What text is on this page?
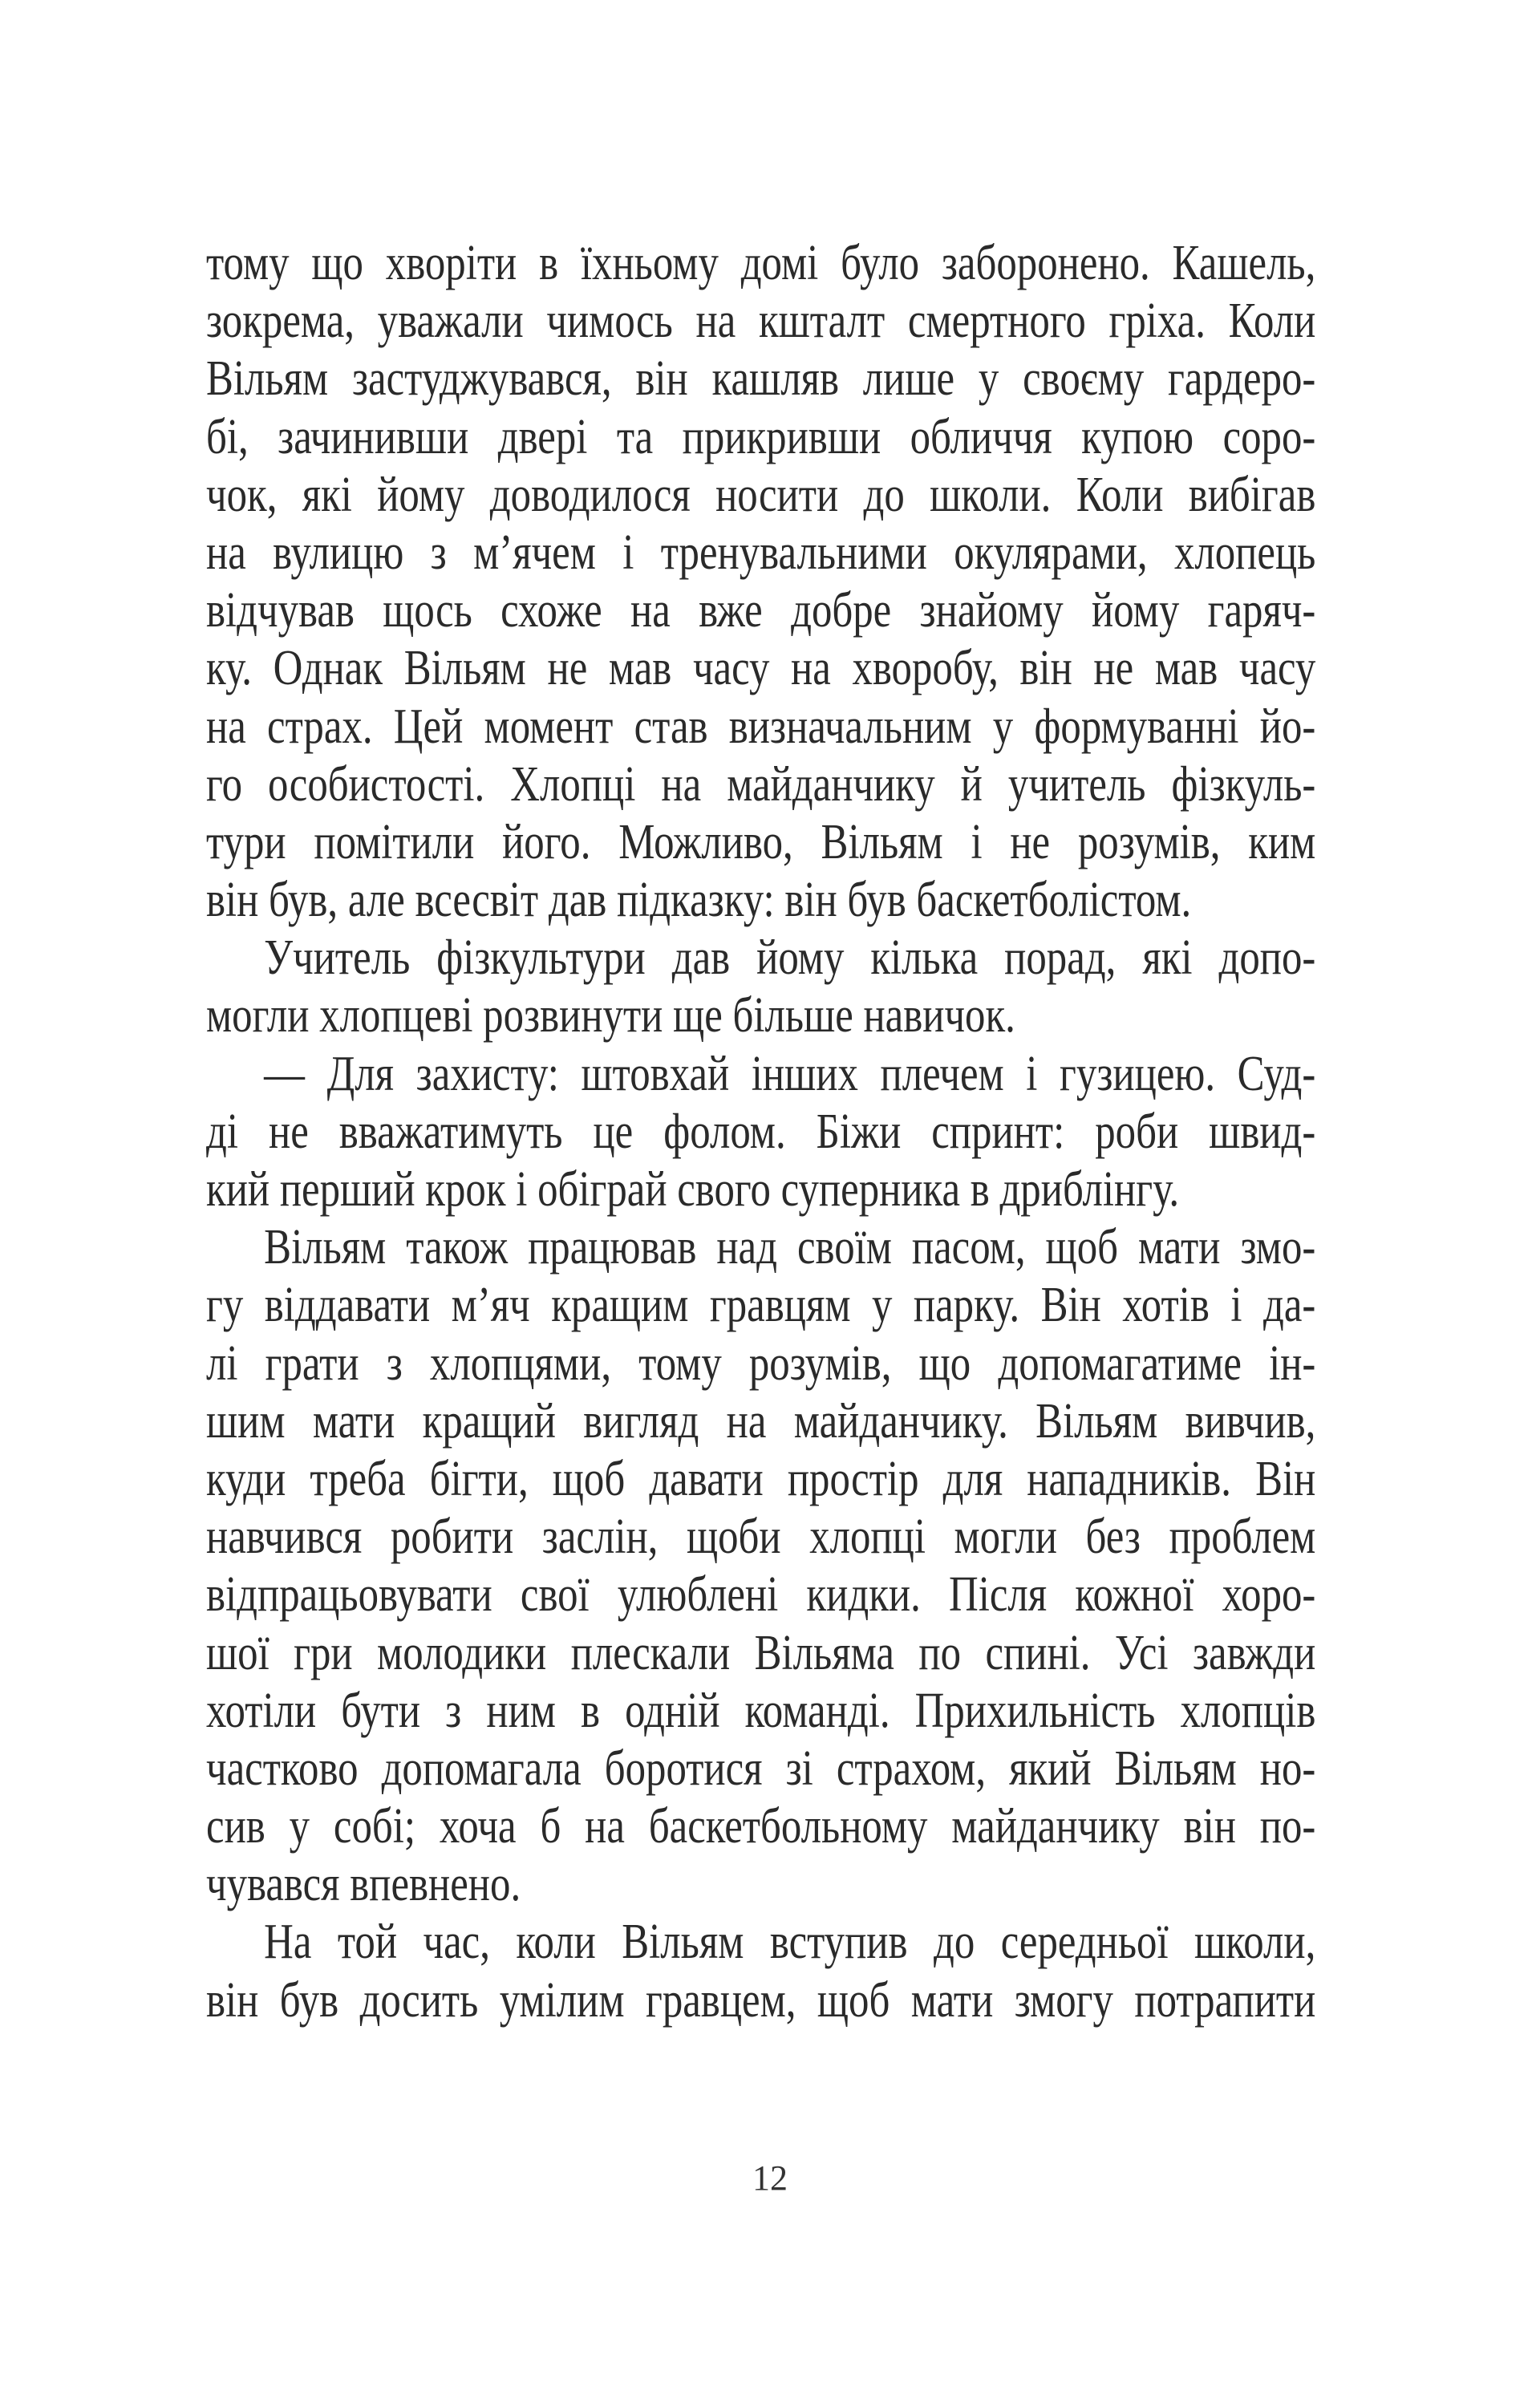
тому що хворіти в їхньому домі було заборонено. Кашель,
зокрема, уважали чимось на кшталт смертного гріха. Коли
Вільям застуджувався, він кашляв лише у своєму гардеро-
бі, зачинивши двері та прикривши обличчя купою соро-
чок, які йому доводилося носити до школи. Коли вибігав
на вулицю з м’ячем і тренувальними окулярами, хлопець
відчував щось схоже на вже добре знайому йому гаряч-
ку. Однак Вільям не мав часу на хворобу, він не мав часу
на страх. Цей момент став визначальним у формуванні йо-
го особистості. Хлопці на майданчику й учитель фізкуль-
тури помітили його. Можливо, Вільям і не розумів, ким
він був, але всесвіт дав підказку: він був баскетболістом.
Учитель фізкультури дав йому кілька порад, які допо-
могли хлопцеві розвинути ще більше навичок.
— Для захисту: штовхай інших плечем і гузицею. Суд-
ді не вважатимуть це фолом. Біжи спринт: роби швид-
кий перший крок і обіграй свого суперника в дриблінгу.
Вільям також працював над своїм пасом, щоб мати змо-
гу віддавати м’яч кращим гравцям у парку. Він хотів і да-
лі грати з хлопцями, тому розумів, що допомагатиме ін-
шим мати кращий вигляд на майданчику. Вільям вивчив,
куди треба бігти, щоб давати простір для нападників. Він
навчився робити заслін, щоби хлопці могли без проблем
відпрацьовувати свої улюблені кидки. Після кожної хоро-
шої гри молодики плескали Вільяма по спині. Усі завжди
хотіли бути з ним в одній команді. Прихильність хлопців
частково допомагала боротися зі страхом, який Вільям но-
сив у собі; хоча б на баскетбольному майданчику він по-
чувався впевнено.
На той час, коли Вільям вступив до середньої школи,
він був досить умілим гравцем, щоб мати змогу потрапити
12
